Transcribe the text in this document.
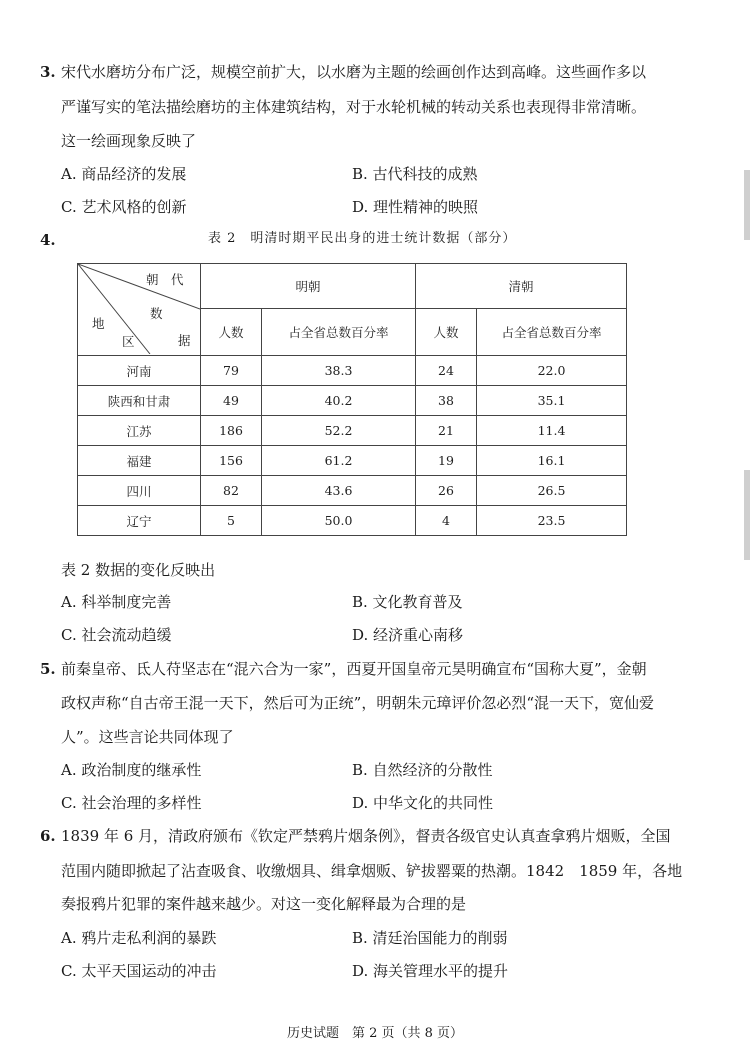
3. 宋代水磨坊分布广泛，规模空前扩大，以水磨为主题的绘画创作达到高峰。这些画作多以
严谨写实的笔法描绘磨坊的主体建筑结构，对于水轮机械的转动关系也表现得非常清晰。
这一绘画现象反映了
A. 商品经济的发展	B. 古代科技的成熟
C. 艺术风格的创新	D. 理性精神的映照
4.	表 2　明清时期平民出身的进士统计数据（部分）
朝　代
数
据
地
区	明朝		清朝	
	人数	占全省总数百分率	人数	占全省总数百分率
河南	79	38.3	24	22.0
陕西和甘肃	49	40.2	38	35.1
江苏	186	52.2	21	11.4
福建	156	61.2	19	16.1
四川	82	43.6	26	26.5
辽宁	5	50.0	4	23.5
表 2 数据的变化反映出
A. 科举制度完善	B. 文化教育普及
C. 社会流动趋缓	D. 经济重心南移
5. 前秦皇帝、氐人苻坚志在“混六合为一家”，西夏开国皇帝元昊明确宣布“国称大夏”，金朝
政权声称“自古帝王混一天下，然后可为正统”，明朝朱元璋评价忽必烈“混一天下，宽仙爱
人”。这些言论共同体现了
A. 政治制度的继承性	B. 自然经济的分散性
C. 社会治理的多样性	D. 中华文化的共同性
6. 1839 年 6 月，清政府颁布《钦定严禁鸦片烟条例》，督责各级官史认真查拿鸦片烟贩，全国
范围内随即掀起了沾查吸食、收缴烟具、缉拿烟贩、铲拔罂粟的热潮。1842　1859 年，各地
奏报鸦片犯罪的案件越来越少。对这一变化解释最为合理的是
A. 鸦片走私利润的暴跌	B. 清廷治国能力的削弱
C. 太平天国运动的冲击	D. 海关管理水平的提升
历史试题　第 2 页（共 8 页）
